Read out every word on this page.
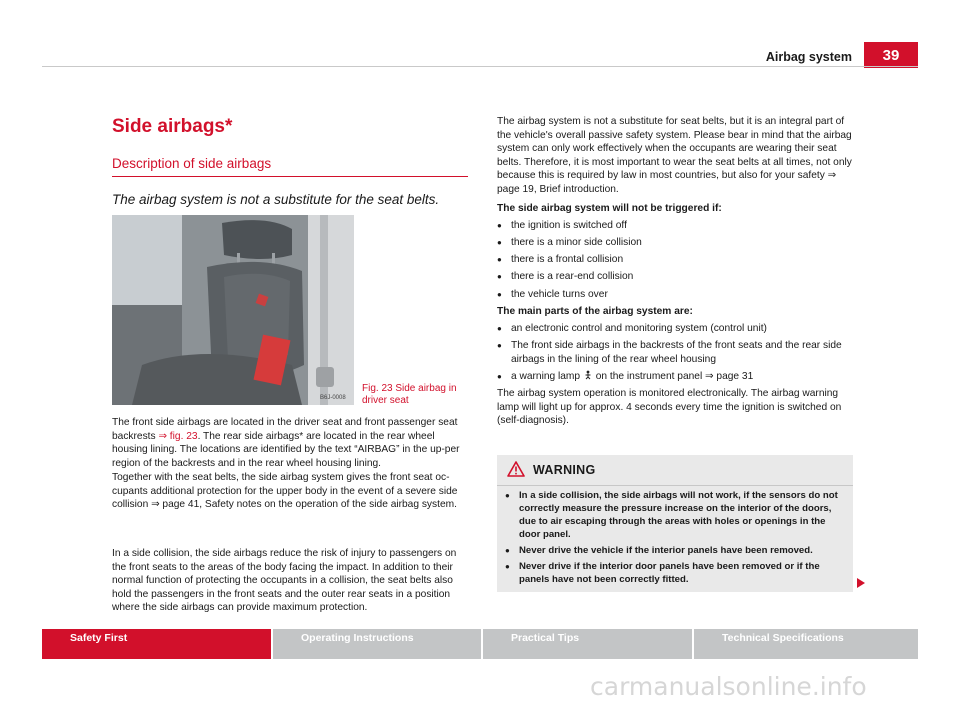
Airbag system	39
Side airbags*
Description of side airbags
The airbag system is not a substitute for the seat belts.
B6J-0008
Fig. 23 Side airbag in driver seat
The front side airbags are located in the driver seat and front passenger seat backrests ⇒ fig. 23. The rear side airbags* are located in the rear wheel housing lining. The locations are identified by the text “AIRBAG” in the up-per region of the backrests and in the rear wheel housing lining.
Together with the seat belts, the side airbag system gives the front seat oc-cupants additional protection for the upper body in the event of a severe side collision ⇒ page 41, Safety notes on the operation of the side airbag system.
In a side collision, the side airbags reduce the risk of injury to passengers on the front seats to the areas of the body facing the impact. In addition to their normal function of protecting the occupants in a collision, the seat belts also hold the passengers in the front seats and the outer rear seats in a position where the side airbags can provide maximum protection.
The airbag system is not a substitute for seat belts, but it is an integral part of the vehicle's overall passive safety system. Please bear in mind that the airbag system can only work effectively when the occupants are wearing their seat belts. Therefore, it is most important to wear the seat belts at all times, not only because this is required by law in most countries, but also for your safety ⇒ page 19, Brief introduction.
The side airbag system will not be triggered if:
● the ignition is switched off
● there is a minor side collision
● there is a frontal collision
● there is a rear-end collision
● the vehicle turns over
The main parts of the airbag system are:
● an electronic control and monitoring system (control unit)
● The front side airbags in the backrests of the front seats and the rear side airbags in the lining of the rear wheel housing
● a warning lamp  on the instrument panel ⇒ page 31
The airbag system operation is monitored electronically. The airbag warning lamp will light up for approx. 4 seconds every time the ignition is switched on (self-diagnosis).
WARNING
● In a side collision, the side airbags will not work, if the sensors do not correctly measure the pressure increase on the interior of the doors, due to air escaping through the areas with holes or openings in the door panel.
● Never drive the vehicle if the interior panels have been removed.
● Never drive if the interior door panels have been removed or if the panels have not been correctly fitted.
Safety First	Operating Instructions	Practical Tips	Technical Specifications
carmanualsonline.info
